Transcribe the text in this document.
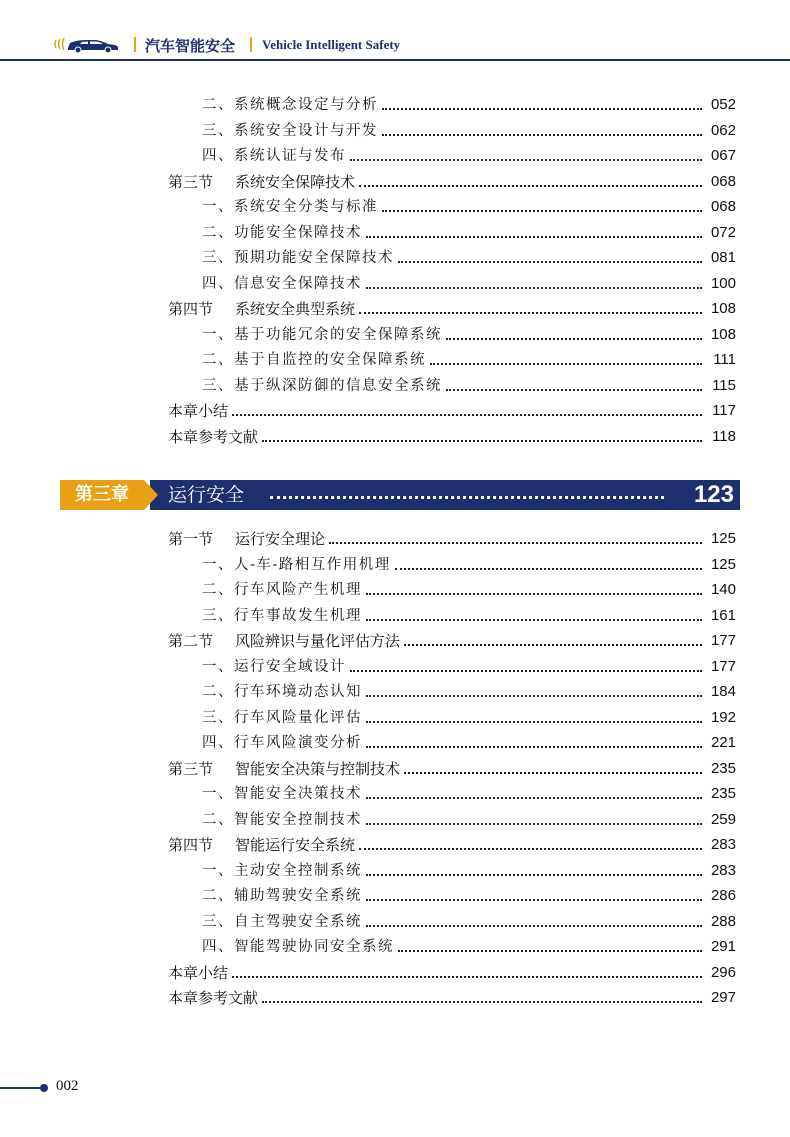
汽车智能安全 Vehicle Intelligent Safety
二、系统概念设定与分析	052
三、系统安全设计与开发	062
四、系统认证与发布	067
第三节 系统安全保障技术	068
一、系统安全分类与标准	068
二、功能安全保障技术	072
三、预期功能安全保障技术	081
四、信息安全保障技术	100
第四节 系统安全典型系统	108
一、基于功能冗余的安全保障系统	108
二、基于自监控的安全保障系统	111
三、基于纵深防御的信息安全系统	115
本章小结	117
本章参考文献	118
第三章	运行安全	123
第一节 运行安全理论	125
一、人-车-路相互作用机理	125
二、行车风险产生机理	140
三、行车事故发生机理	161
第二节 风险辨识与量化评估方法	177
一、运行安全域设计	177
二、行车环境动态认知	184
三、行车风险量化评估	192
四、行车风险演变分析	221
第三节 智能安全决策与控制技术	235
一、智能安全决策技术	235
二、智能安全控制技术	259
第四节 智能运行安全系统	283
一、主动安全控制系统	283
二、辅助驾驶安全系统	286
三、自主驾驶安全系统	288
四、智能驾驶协同安全系统	291
本章小结	296
本章参考文献	297
002
